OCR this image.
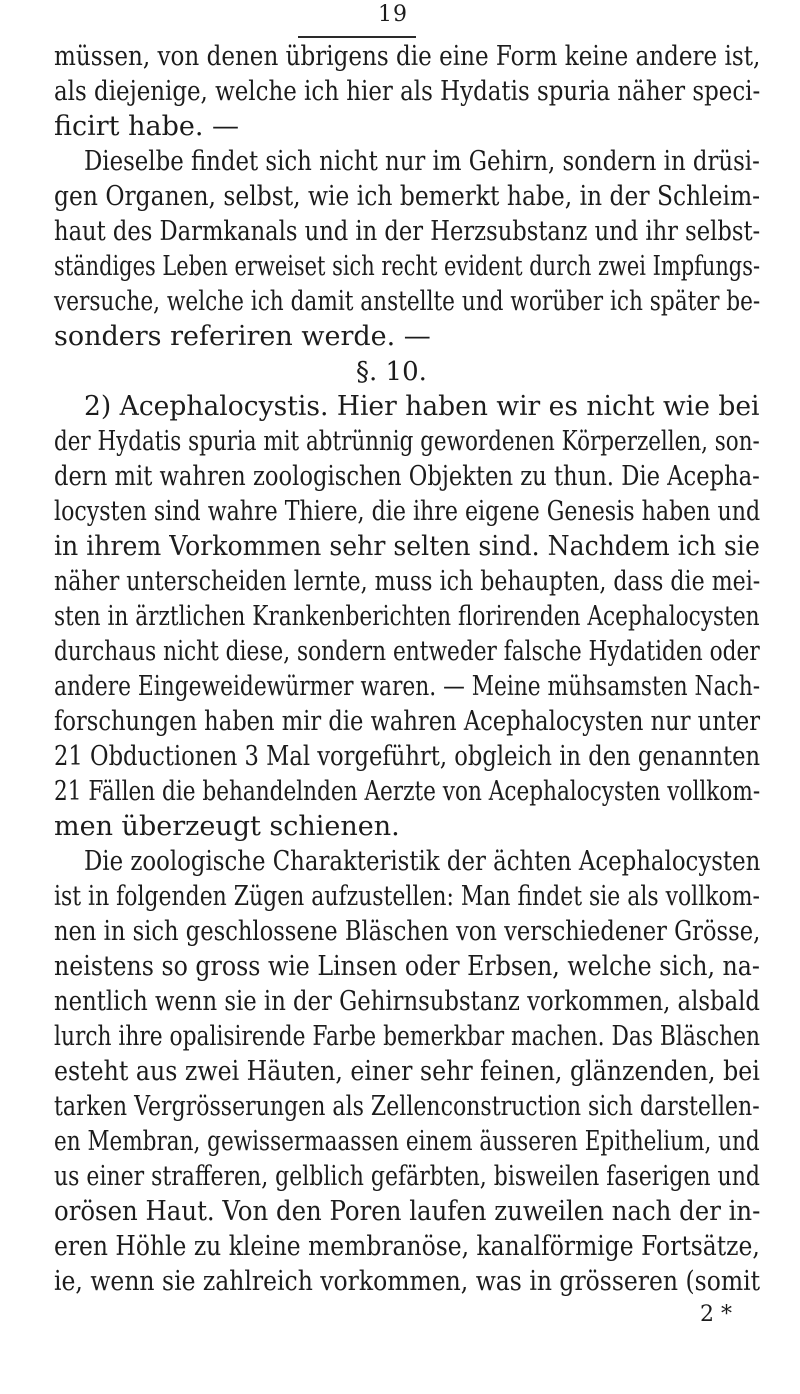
19
müssen, von denen übrigens die eine Form keine andere ist,
als diejenige, welche ich hier als Hydatis spuria näher speci-
ficirt habe. —
Dieselbe findet sich nicht nur im Gehirn, sondern in drüsi-
gen Organen, selbst, wie ich bemerkt habe, in der Schleim-
haut des Darmkanals und in der Herzsubstanz und ihr selbst-
ständiges Leben erweiset sich recht evident durch zwei Impfungs-
versuche, welche ich damit anstellte und worüber ich später be-
sonders referiren werde. —
§. 10.
2) Acephalocystis. Hier haben wir es nicht wie bei
der Hydatis spuria mit abtrünnig gewordenen Körperzellen, son-
dern mit wahren zoologischen Objekten zu thun. Die Acepha-
locysten sind wahre Thiere, die ihre eigene Genesis haben und
in ihrem Vorkommen sehr selten sind. Nachdem ich sie
näher unterscheiden lernte, muss ich behaupten, dass die mei-
sten in ärztlichen Krankenberichten florirenden Acephalocysten
durchaus nicht diese, sondern entweder falsche Hydatiden oder
andere Eingeweidewürmer waren. — Meine mühsamsten Nach-
forschungen haben mir die wahren Acephalocysten nur unter
21 Obductionen 3 Mal vorgeführt, obgleich in den genannten
21 Fällen die behandelnden Aerzte von Acephalocysten vollkom-
men überzeugt schienen.
Die zoologische Charakteristik der ächten Acephalocysten
ist in folgenden Zügen aufzustellen: Man findet sie als vollkom-
nen in sich geschlossene Bläschen von verschiedener Grösse,
neistens so gross wie Linsen oder Erbsen, welche sich, na-
nentlich wenn sie in der Gehirnsubstanz vorkommen, alsbald
lurch ihre opalisirende Farbe bemerkbar machen. Das Bläschen
esteht aus zwei Häuten, einer sehr feinen, glänzenden, bei
tarken Vergrösserungen als Zellenconstruction sich darstellen-
en Membran, gewissermaassen einem äusseren Epithelium, und
us einer strafferen, gelblich gefärbten, bisweilen faserigen und
orösen Haut. Von den Poren laufen zuweilen nach der in-
eren Höhle zu kleine membranöse, kanalförmige Fortsätze,
ie, wenn sie zahlreich vorkommen, was in grösseren (somit
2 *
